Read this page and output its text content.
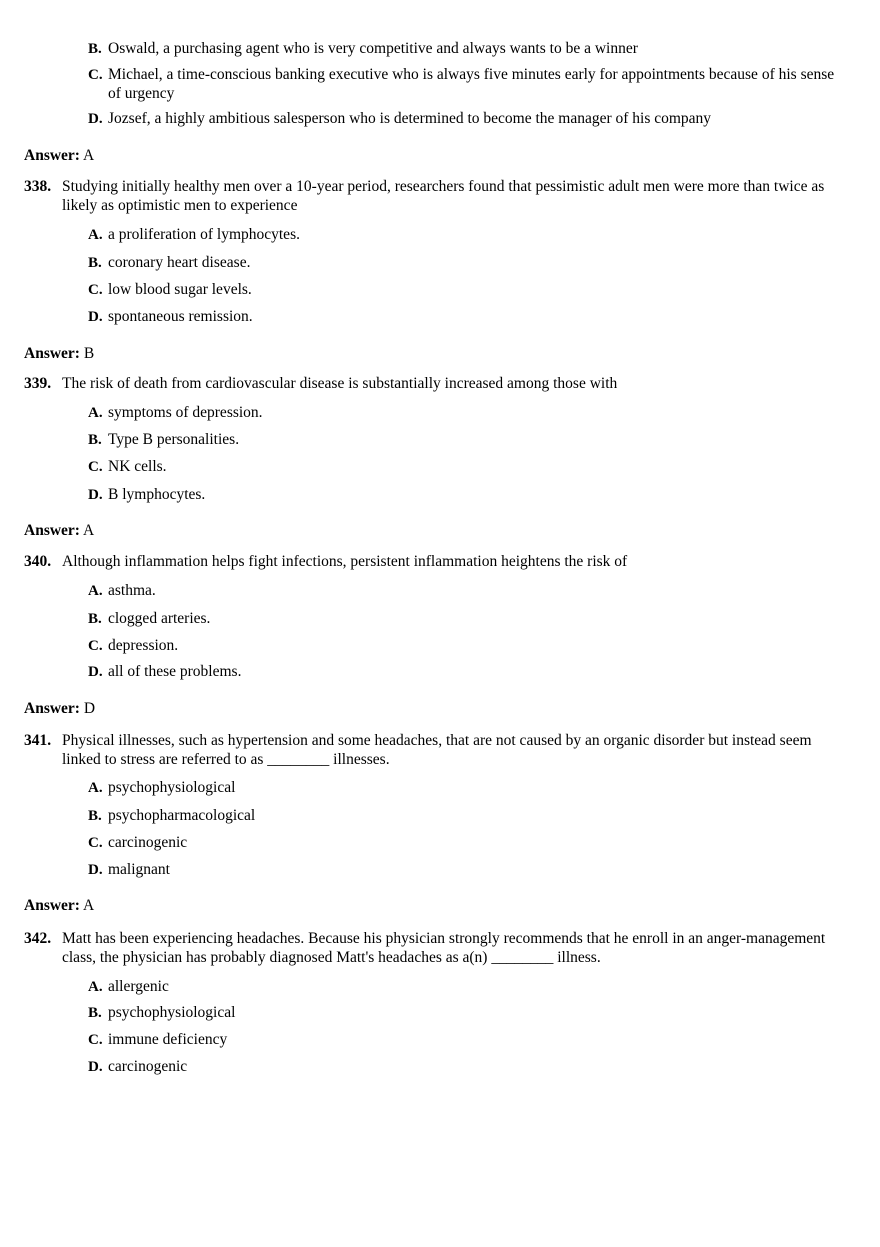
B. Oswald, a purchasing agent who is very competitive and always wants to be a winner
C. Michael, a time-conscious banking executive who is always five minutes early for appointments because of his sense of urgency
D. Jozsef, a highly ambitious salesperson who is determined to become the manager of his company
Answer: A
338. Studying initially healthy men over a 10-year period, researchers found that pessimistic adult men were more than twice as likely as optimistic men to experience
A. a proliferation of lymphocytes.
B. coronary heart disease.
C. low blood sugar levels.
D. spontaneous remission.
Answer: B
339. The risk of death from cardiovascular disease is substantially increased among those with
A. symptoms of depression.
B. Type B personalities.
C. NK cells.
D. B lymphocytes.
Answer: A
340. Although inflammation helps fight infections, persistent inflammation heightens the risk of
A. asthma.
B. clogged arteries.
C. depression.
D. all of these problems.
Answer: D
341. Physical illnesses, such as hypertension and some headaches, that are not caused by an organic disorder but instead seem linked to stress are referred to as ________ illnesses.
A. psychophysiological
B. psychopharmacological
C. carcinogenic
D. malignant
Answer: A
342. Matt has been experiencing headaches. Because his physician strongly recommends that he enroll in an anger-management class, the physician has probably diagnosed Matt's headaches as a(n) ________ illness.
A. allergenic
B. psychophysiological
C. immune deficiency
D. carcinogenic
